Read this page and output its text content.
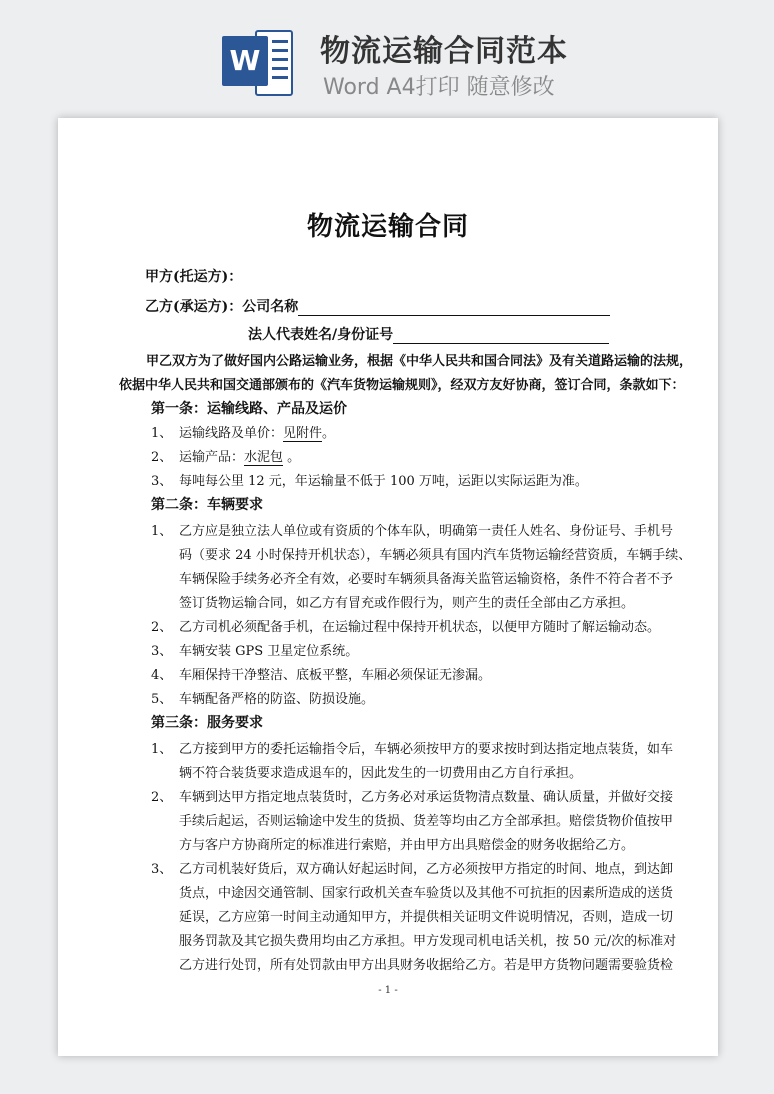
W 物流运输合同范本
Word A4打印 随意修改
物流运输合同
甲方(托运方)：
乙方(承运方)：公司名称
法人代表姓名/身份证号
甲乙双方为了做好国内公路运输业务，根据《中华人民共和国合同法》及有关道路运输的法规，
依据中华人民共和国交通部颁布的《汽车货物运输规则》，经双方友好协商，签订合同，条款如下：
第一条：运输线路、产品及运价
1、 运输线路及单价：见附件。
2、 运输产品：水泥包 。
3、 每吨每公里 12 元，年运输量不低于 100 万吨，运距以实际运距为准。
第二条：车辆要求
1、 乙方应是独立法人单位或有资质的个体车队，明确第一责任人姓名、身份证号、手机号
码（要求 24 小时保持开机状态），车辆必须具有国内汽车货物运输经营资质，车辆手续、
车辆保险手续务必齐全有效，必要时车辆须具备海关监管运输资格，条件不符合者不予
签订货物运输合同，如乙方有冒充或作假行为，则产生的责任全部由乙方承担。
2、 乙方司机必须配备手机，在运输过程中保持开机状态，以便甲方随时了解运输动态。
3、 车辆安装 GPS 卫星定位系统。
4、 车厢保持干净整洁、底板平整，车厢必须保证无渗漏。
5、 车辆配备严格的防盗、防损设施。
第三条：服务要求
1、 乙方接到甲方的委托运输指令后，车辆必须按甲方的要求按时到达指定地点装货，如车
辆不符合装货要求造成退车的，因此发生的一切费用由乙方自行承担。
2、 车辆到达甲方指定地点装货时，乙方务必对承运货物清点数量、确认质量，并做好交接
手续后起运，否则运输途中发生的货损、货差等均由乙方全部承担。赔偿货物价值按甲
方与客户方协商所定的标准进行索赔，并由甲方出具赔偿金的财务收据给乙方。
3、 乙方司机装好货后，双方确认好起运时间，乙方必须按甲方指定的时间、地点，到达卸
货点，中途因交通管制、国家行政机关查车验货以及其他不可抗拒的因素所造成的送货
延误，乙方应第一时间主动通知甲方，并提供相关证明文件说明情况，否则，造成一切
服务罚款及其它损失费用均由乙方承担。甲方发现司机电话关机，按 50 元/次的标准对
乙方进行处罚，所有处罚款由甲方出具财务收据给乙方。若是甲方货物问题需要验货检
- 1 -
